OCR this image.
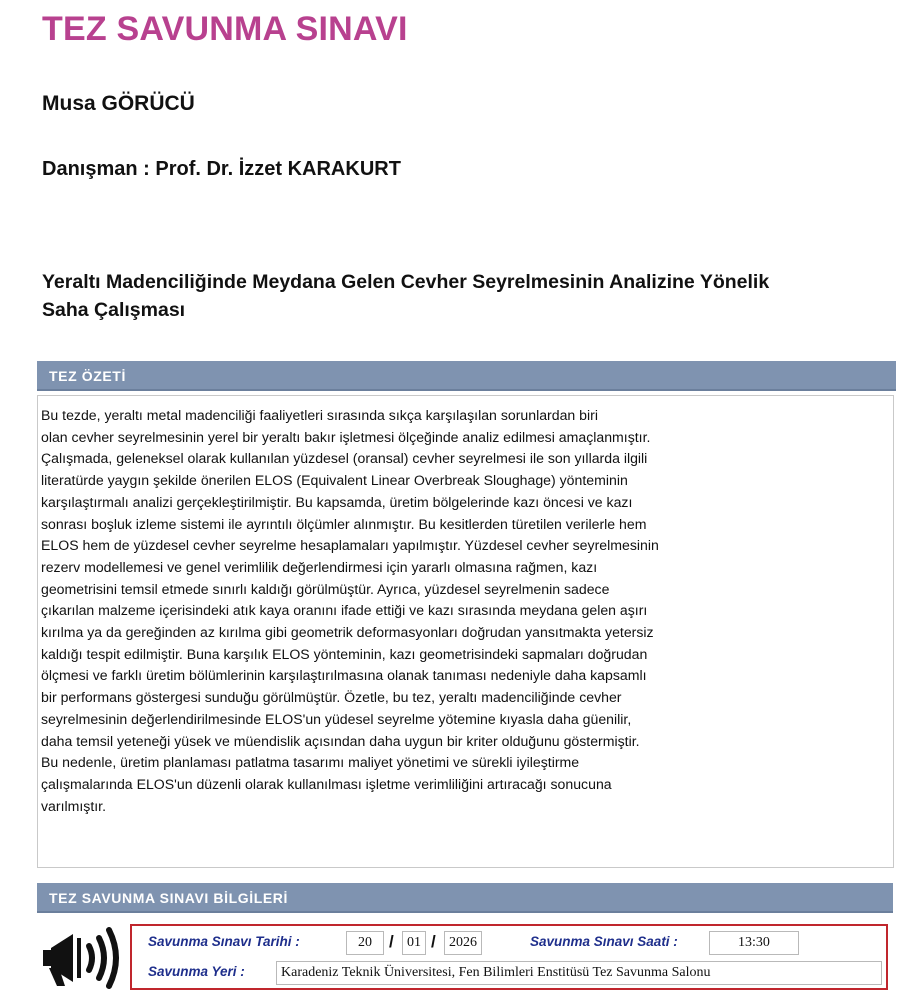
TEZ SAVUNMA SINAVI
Musa GÖRÜCÜ
Danışman : Prof. Dr. İzzet KARAKURT
Yeraltı Madenciliğinde Meydana Gelen Cevher Seyrelmesinin Analizine Yönelik
Saha Çalışması
TEZ ÖZETİ
Bu tezde, yeraltı metal madenciliği faaliyetleri sırasında sıkça karşılaşılan sorunlardan biri
olan cevher seyrelmesinin yerel bir yeraltı bakır işletmesi ölçeğinde analiz edilmesi amaçlanmıştır.
Çalışmada, geleneksel olarak kullanılan yüzdesel (oransal) cevher seyrelmesi ile son yıllarda ilgili
literatürde yaygın şekilde önerilen ELOS (Equivalent Linear Overbreak Sloughage) yönteminin
karşılaştırmalı analizi gerçekleştirilmiştir. Bu kapsamda, üretim bölgelerinde kazı öncesi ve kazı
sonrası boşluk izleme sistemi ile ayrıntılı ölçümler alınmıştır. Bu kesitlerden türetilen verilerle hem
ELOS hem de yüzdesel cevher seyrelme hesaplamaları yapılmıştır. Yüzdesel cevher seyrelmesinin
rezerv modellemesi ve genel verimlilik değerlendirmesi için yararlı olmasına rağmen, kazı
geometrisini temsil etmede sınırlı kaldığı görülmüştür. Ayrıca, yüzdesel seyrelmenin sadece
çıkarılan malzeme içerisindeki atık kaya oranını ifade ettiği ve kazı sırasında meydana gelen aşırı
kırılma ya da gereğinden az kırılma gibi geometrik deformasyonları doğrudan yansıtmakta yetersiz
kaldığı tespit edilmiştir. Buna karşılık ELOS yönteminin, kazı geometrisindeki sapmaları doğrudan
ölçmesi ve farklı üretim bölümlerinin karşılaştırılmasına olanak tanıması nedeniyle daha kapsamlı
bir performans göstergesi sunduğu görülmüştür. Özetle, bu tez, yeraltı madenciliğinde cevher
seyrelmesinin değerlendirilmesinde ELOS'un yüdesel seyrelme yötemine kıyasla daha güenilir,
daha temsil yeteneği yüsek ve müendislik açısından daha uygun bir kriter olduğunu göstermiştir.
Bu nedenle, üretim planlaması patlatma tasarımı maliyet yönetimi ve sürekli iyileştirme
çalışmalarında ELOS'un düzenli olarak kullanılması işletme verimliliğini artıracağı sonucuna
varılmıştır.
TEZ SAVUNMA SINAVI BİLGİLERİ
Savunma Sınavı Tarihi :	20	/ 01 / 2026	Savunma Sınavı Saati :	13:30
Savunma Yeri :	Karadeniz Teknik Üniversitesi, Fen Bilimleri Enstitüsü Tez Savunma Salonu
